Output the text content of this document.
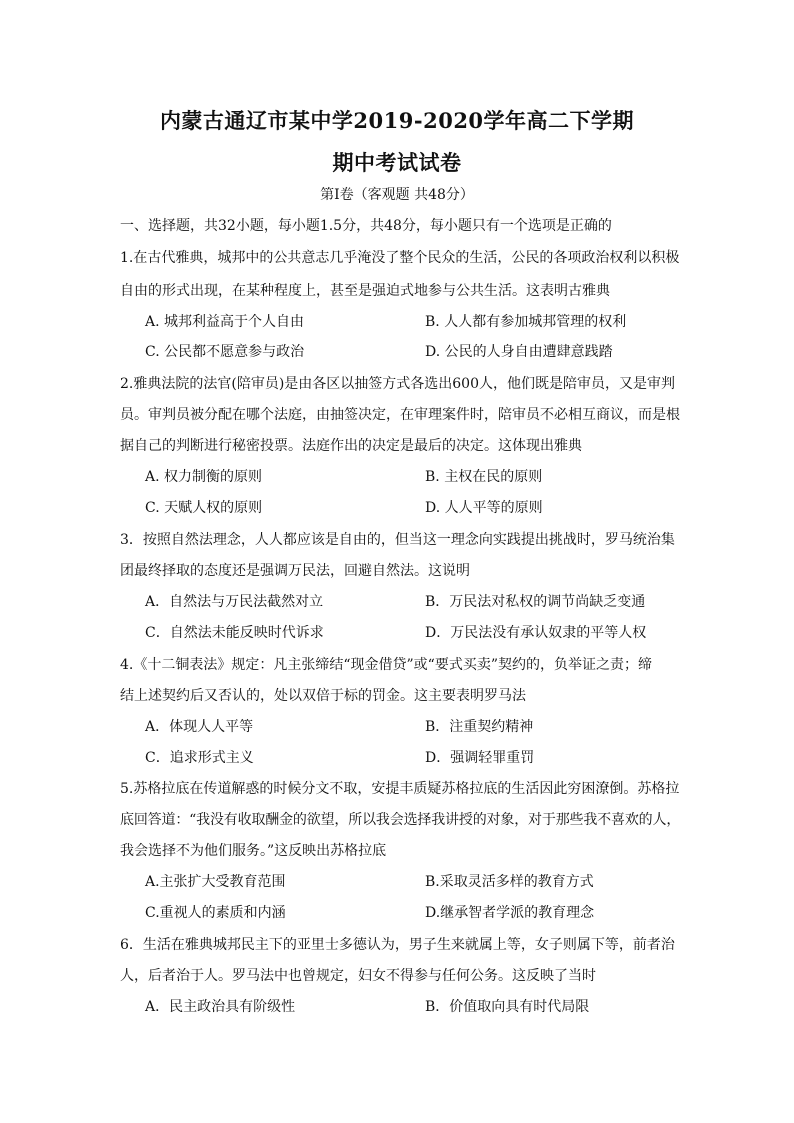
内蒙古通辽市某中学2019-2020学年高二下学期
期中考试试卷
第Ⅰ卷（客观题 共48分）
一、选择题，共32小题，每小题1.5分，共48分，每小题只有一个选项是正确的
1.在古代雅典，城邦中的公共意志几乎淹没了整个民众的生活，公民的各项政治权利以积极
自由的形式出现，在某种程度上，甚至是强迫式地参与公共生活。这表明古雅典
A. 城邦利益高于个人自由	B. 人人都有参加城邦管理的权利
C. 公民都不愿意参与政治	D. 公民的人身自由遭肆意践踏
2.雅典法院的法官(陪审员)是由各区以抽签方式各选出600人，他们既是陪审员，又是审判
员。审判员被分配在哪个法庭，由抽签决定，在审理案件时，陪审员不必相互商议，而是根
据自己的判断进行秘密投票。法庭作出的决定是最后的决定。这体现出雅典
A. 权力制衡的原则	B. 主权在民的原则
C. 天赋人权的原则	D. 人人平等的原则
3．按照自然法理念，人人都应该是自由的，但当这一理念向实践提出挑战时，罗马统治集
团最终择取的态度还是强调万民法，回避自然法。这说明
A．自然法与万民法截然对立	B．万民法对私权的调节尚缺乏变通
C．自然法未能反映时代诉求	D．万民法没有承认奴隶的平等人权
4.《十二铜表法》规定：凡主张缔结“现金借贷”或“要式买卖”契约的，负举证之责；缔
结上述契约后又否认的，处以双倍于标的罚金。这主要表明罗马法
A．体现人人平等	B．注重契约精神
C．追求形式主义	D．强调轻罪重罚
5.苏格拉底在传道解惑的时候分文不取，安提丰质疑苏格拉底的生活因此穷困潦倒。苏格拉
底回答道：“我没有收取酬金的欲望，所以我会选择我讲授的对象，对于那些我不喜欢的人，
我会选择不为他们服务。”这反映出苏格拉底
A.主张扩大受教育范围	B.采取灵活多样的教育方式
C.重视人的素质和内涵	D.继承智者学派的教育理念
6．生活在雅典城邦民主下的亚里士多德认为，男子生来就属上等，女子则属下等，前者治
人，后者治于人。罗马法中也曾规定，妇女不得参与任何公务。这反映了当时
A．民主政治具有阶级性	B．价值取向具有时代局限
